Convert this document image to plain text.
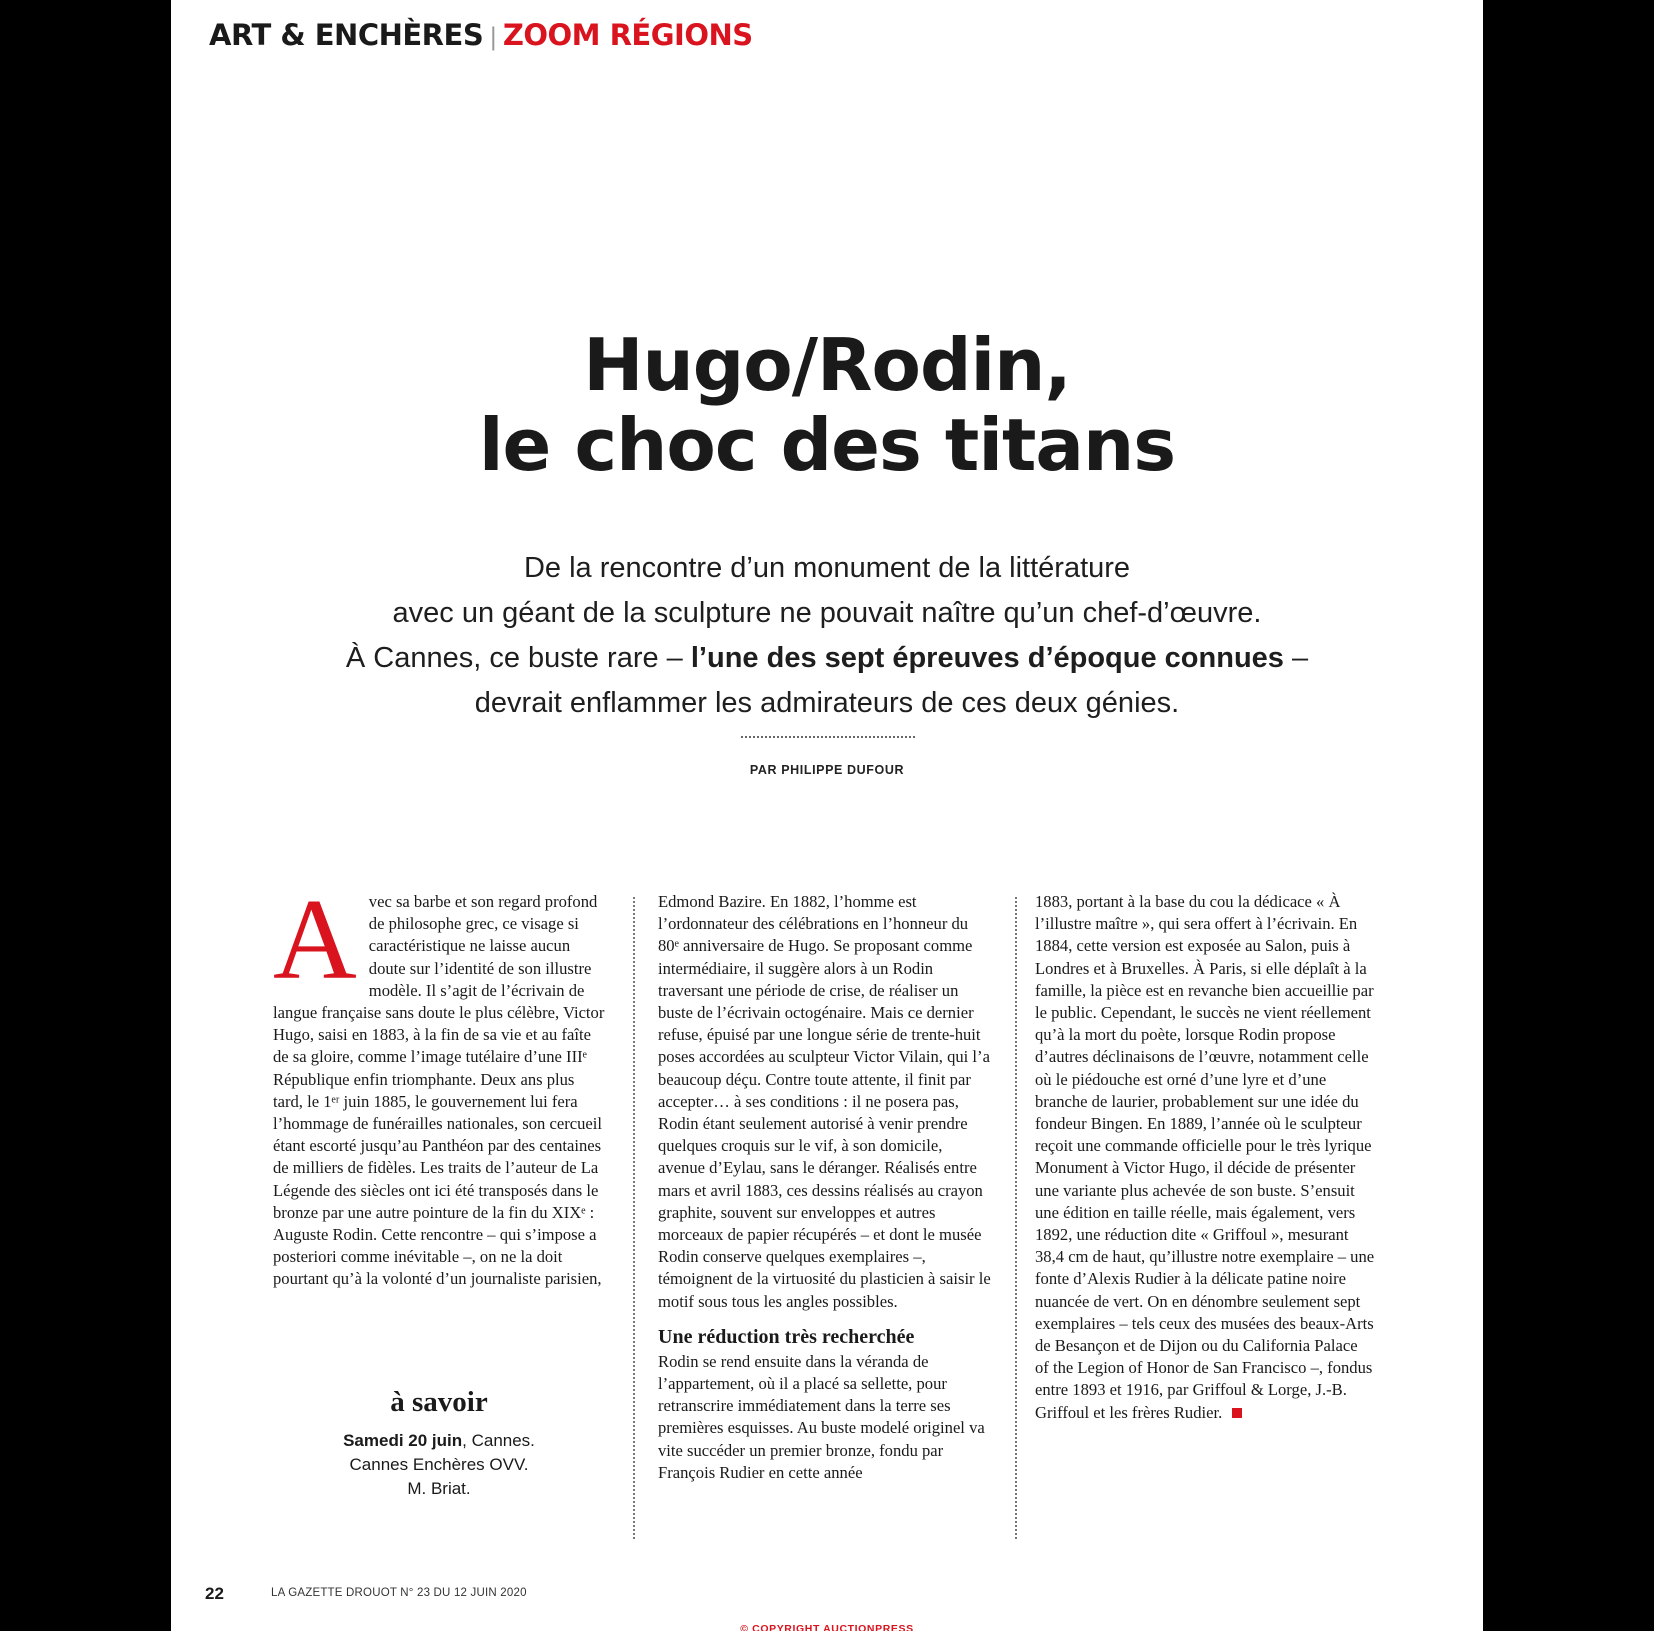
ART & ENCHÈRES | ZOOM RÉGIONS
Hugo/Rodin,
le choc des titans
De la rencontre d’un monument de la littérature
avec un géant de la sculpture ne pouvait naître qu’un chef-d’œuvre.
À Cannes, ce buste rare – l’une des sept épreuves d’époque connues –
devrait enflammer les admirateurs de ces deux génies.
PAR PHILIPPE DUFOUR
A vec sa barbe et son regard profond de philosophe grec, ce visage si caractéristique ne laisse aucun doute sur l’identité de son illustre modèle. Il s’agit de l’écrivain de langue française sans doute le plus célèbre, Victor Hugo, saisi en 1883, à la fin de sa vie et au faîte de sa gloire, comme l’image tutélaire d’une IIIᵉ République enfin triomphante. Deux ans plus tard, le 1ᵉʳ juin 1885, le gouvernement lui fera l’hommage de funérailles nationales, son cercueil étant escorté jusqu’au Panthéon par des centaines de milliers de fidèles. Les traits de l’auteur de La Légende des siècles ont ici été transposés dans le bronze par une autre pointure de la fin du XIXᵉ : Auguste Rodin. Cette rencontre – qui s’impose a posteriori comme inévitable –, on ne la doit pourtant qu’à la volonté d’un journaliste parisien,

Edmond Bazire. En 1882, l’homme est l’ordonnateur des célébrations en l’honneur du 80ᵉ anniversaire de Hugo. Se proposant comme intermédiaire, il suggère alors à un Rodin traversant une période de crise, de réaliser un buste de l’écrivain octogénaire. Mais ce dernier refuse, épuisé par une longue série de trente-huit poses accordées au sculpteur Victor Vilain, qui l’a beaucoup déçu. Contre toute attente, il finit par accepter… à ses conditions : il ne posera pas, Rodin étant seulement autorisé à venir prendre quelques croquis sur le vif, à son domicile, avenue d’Eylau, sans le déranger. Réalisés entre mars et avril 1883, ces dessins réalisés au crayon graphite, souvent sur enveloppes et autres morceaux de papier récupérés – et dont le musée Rodin conserve quelques exemplaires –, témoignent de la virtuosité du plasticien à saisir le motif sous tous les angles possibles.

Une réduction très recherchée

Rodin se rend ensuite dans la véranda de l’appartement, où il a placé sa sellette, pour retranscrire immédiatement dans la terre ses premières esquisses. Au buste modelé originel va vite succéder un premier bronze, fondu par François Rudier en cette année

1883, portant à la base du cou la dédicace « À l’illustre maître », qui sera offert à l’écrivain. En 1884, cette version est exposée au Salon, puis à Londres et à Bruxelles. À Paris, si elle déplaît à la famille, la pièce est en revanche bien accueillie par le public. Cependant, le succès ne vient réellement qu’à la mort du poète, lorsque Rodin propose d’autres déclinaisons de l’œuvre, notamment celle où le piédouche est orné d’une lyre et d’une branche de laurier, probablement sur une idée du fondeur Bingen. En 1889, l’année où le sculpteur reçoit une commande officielle pour le très lyrique Monument à Victor Hugo, il décide de présenter une variante plus achevée de son buste. S’ensuit une édition en taille réelle, mais également, vers 1892, une réduction dite « Griffoul », mesurant 38,4 cm de haut, qu’illustre notre exemplaire – une fonte d’Alexis Rudier à la délicate patine noire nuancée de vert. On en dénombre seulement sept exemplaires – tels ceux des musées des beaux-Arts de Besançon et de Dijon ou du California Palace of the Legion of Honor de San Francisco –, fondus entre 1893 et 1916, par Griffoul & Lorge, J.-B. Griffoul et les frères Rudier.

à savoir
Samedi 20 juin, Cannes.
Cannes Enchères OVV.
M. Briat.
22	LA GAZETTE DROUOT N° 23 DU 12 JUIN 2020
© COPYRIGHT AUCTIONPRESS
